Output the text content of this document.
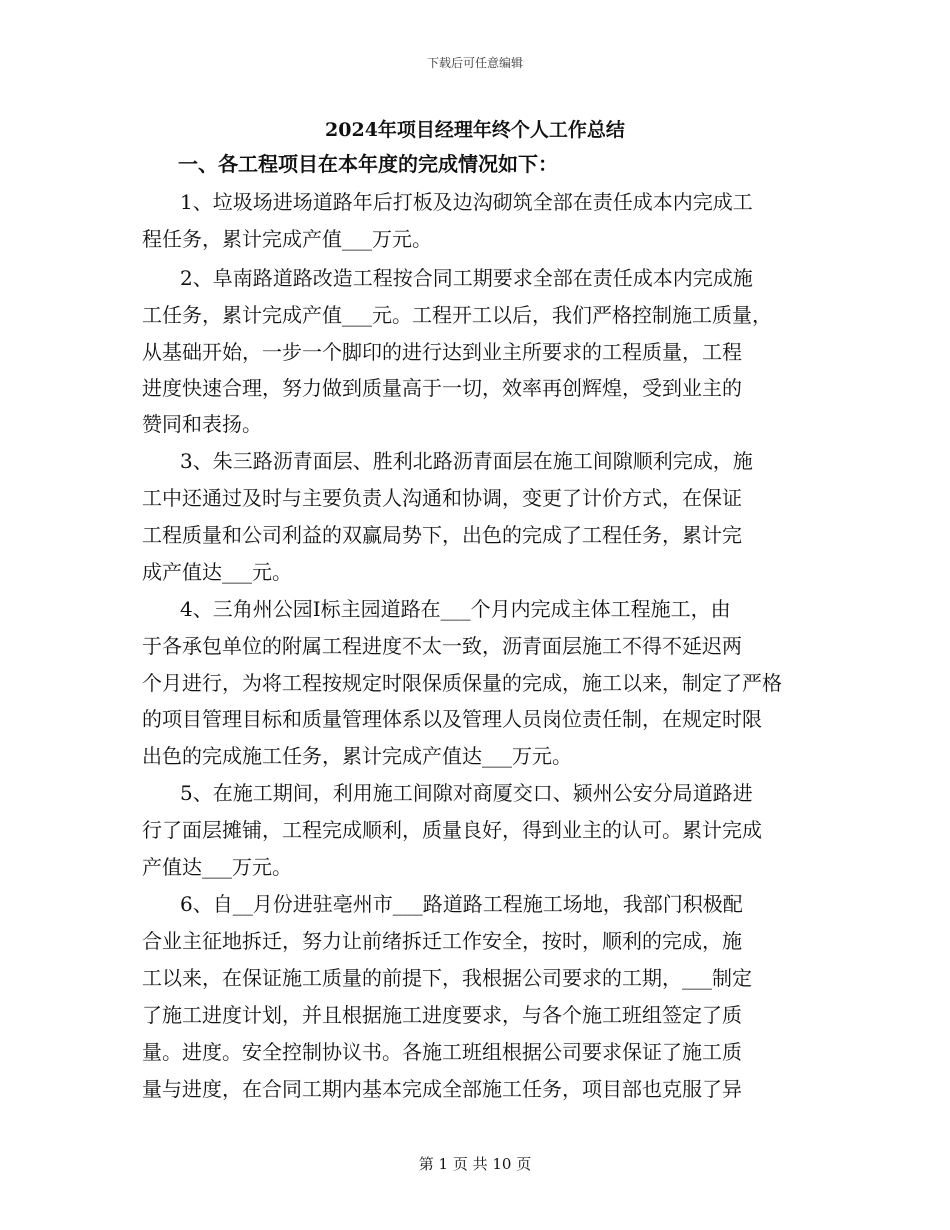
下载后可任意编辑
2024年项目经理年终个人工作总结
一、各工程项目在本年度的完成情况如下：
1、垃圾场进场道路年后打板及边沟砌筑全部在责任成本内完成工
程任务，累计完成产值___万元。
2、阜南路道路改造工程按合同工期要求全部在责任成本内完成施
工任务，累计完成产值___元。工程开工以后，我们严格控制施工质量，
从基础开始，一步一个脚印的进行达到业主所要求的工程质量，工程
进度快速合理，努力做到质量高于一切，效率再创辉煌，受到业主的
赞同和表扬。
3、朱三路沥青面层、胜利北路沥青面层在施工间隙顺利完成，施
工中还通过及时与主要负责人沟通和协调，变更了计价方式，在保证
工程质量和公司利益的双赢局势下，出色的完成了工程任务，累计完
成产值达___元。
4、三角州公园I标主园道路在___个月内完成主体工程施工，由
于各承包单位的附属工程进度不太一致，沥青面层施工不得不延迟两
个月进行，为将工程按规定时限保质保量的完成，施工以来，制定了严格
的项目管理目标和质量管理体系以及管理人员岗位责任制，在规定时限
出色的完成施工任务，累计完成产值达___万元。
5、在施工期间，利用施工间隙对商厦交口、颍州公安分局道路进
行了面层摊铺，工程完成顺利，质量良好，得到业主的认可。累计完成
产值达___万元。
6、自__月份进驻亳州市___路道路工程施工场地，我部门积极配
合业主征地拆迁，努力让前绪拆迁工作安全，按时，顺利的完成，施
工以来，在保证施工质量的前提下，我根据公司要求的工期，___制定
了施工进度计划，并且根据施工进度要求，与各个施工班组签定了质
量。进度。安全控制协议书。各施工班组根据公司要求保证了施工质
量与进度，在合同工期内基本完成全部施工任务，项目部也克服了异
第 1 页 共 10 页
